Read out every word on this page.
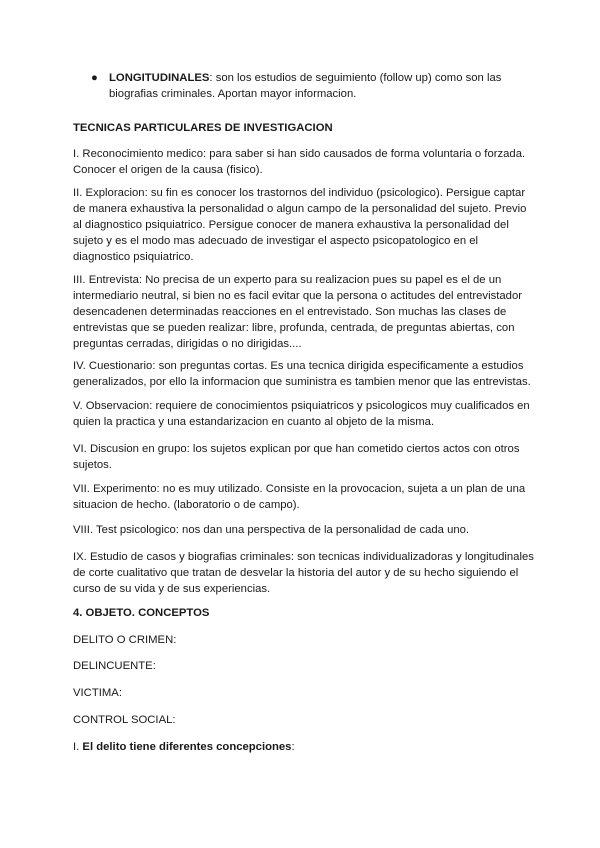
● LONGITUDINALES: son los estudios de seguimiento (follow up) como son las biografias criminales. Aportan mayor informacion.
TECNICAS PARTICULARES DE INVESTIGACION

I. Reconocimiento medico: para saber si han sido causados de forma voluntaria o forzada. Conocer el origen de la causa (fisico).

II. Exploracion: su fin es conocer los trastornos del individuo (psicologico). Persigue captar de manera exhaustiva la personalidad o algun campo de la personalidad del sujeto. Previo al diagnostico psiquiatrico. Persigue conocer de manera exhaustiva la personalidad del sujeto y es el modo mas adecuado de investigar el aspecto psicopatologico en el diagnostico psiquiatrico.

III. Entrevista: No precisa de un experto para su realizacion pues su papel es el de un intermediario neutral, si bien no es facil evitar que la persona o actitudes del entrevistador desencadenen determinadas reacciones en el entrevistado. Son muchas las clases de entrevistas que se pueden realizar: libre, profunda, centrada, de preguntas abiertas, con preguntas cerradas, dirigidas o no dirigidas....

IV. Cuestionario: son preguntas cortas. Es una tecnica dirigida especificamente a estudios generalizados, por ello la informacion que suministra es tambien menor que las entrevistas.

V. Observacion: requiere de conocimientos psiquiatricos y psicologicos muy cualificados en quien la practica y una estandarizacion en cuanto al objeto de la misma.

VI. Discusion en grupo: los sujetos explican por que han cometido ciertos actos con otros sujetos.

VII. Experimento: no es muy utilizado. Consiste en la provocacion, sujeta a un plan de una situacion de hecho. (laboratorio o de campo).

VIII. Test psicologico: nos dan una perspectiva de la personalidad de cada uno.

IX. Estudio de casos y biografias criminales: son tecnicas individualizadoras y longitudinales de corte cualitativo que tratan de desvelar la historia del autor y de su hecho siguiendo el curso de su vida y de sus experiencias.

4. OBJETO. CONCEPTOS

DELITO O CRIMEN:

DELINCUENTE:

VICTIMA:

CONTROL SOCIAL:

I. El delito tiene diferentes concepciones:
